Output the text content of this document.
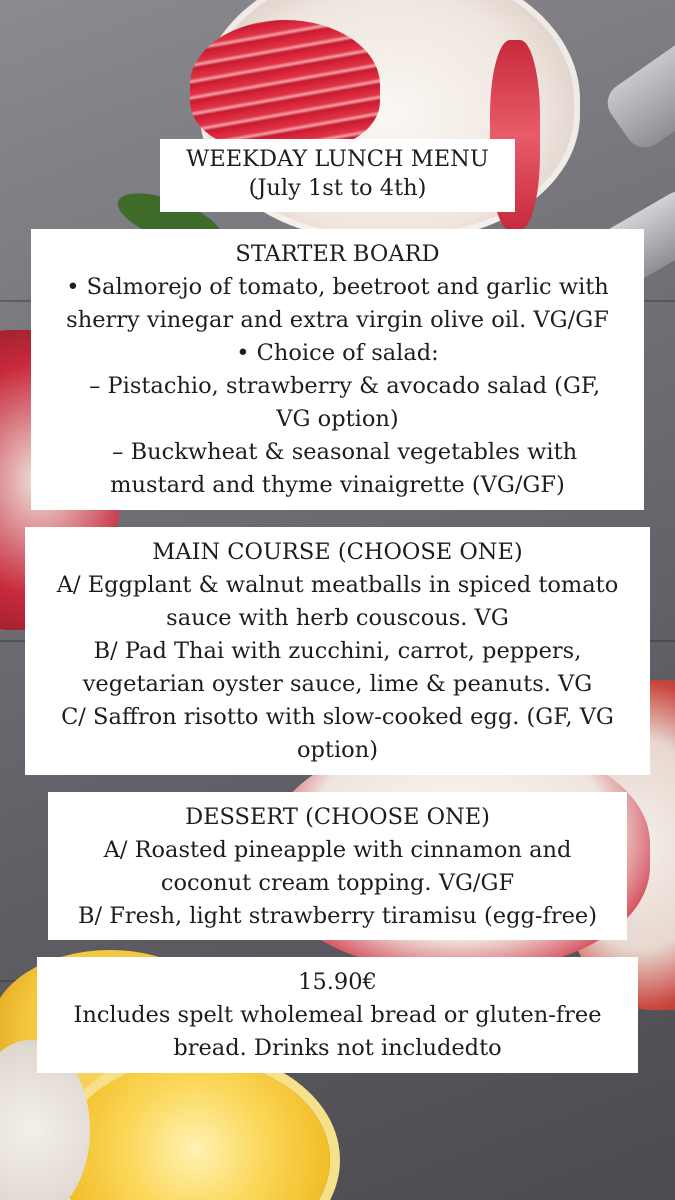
WEEKDAY LUNCH MENU
(July 1st to 4th)
STARTER BOARD
• Salmorejo of tomato, beetroot and garlic with
sherry vinegar and extra virgin olive oil. VG/GF
• Choice of salad:
– Pistachio, strawberry & avocado salad (GF,
VG option)
– Buckwheat & seasonal vegetables with
mustard and thyme vinaigrette (VG/GF)
MAIN COURSE (CHOOSE ONE)
A/ Eggplant & walnut meatballs in spiced tomato
sauce with herb couscous. VG
B/ Pad Thai with zucchini, carrot, peppers,
vegetarian oyster sauce, lime & peanuts. VG
C/ Saffron risotto with slow-cooked egg. (GF, VG
option)
DESSERT (CHOOSE ONE)
A/ Roasted pineapple with cinnamon and
coconut cream topping. VG/GF
B/ Fresh, light strawberry tiramisu (egg-free)
15.90€
Includes spelt wholemeal bread or gluten-free
bread. Drinks not includedto
